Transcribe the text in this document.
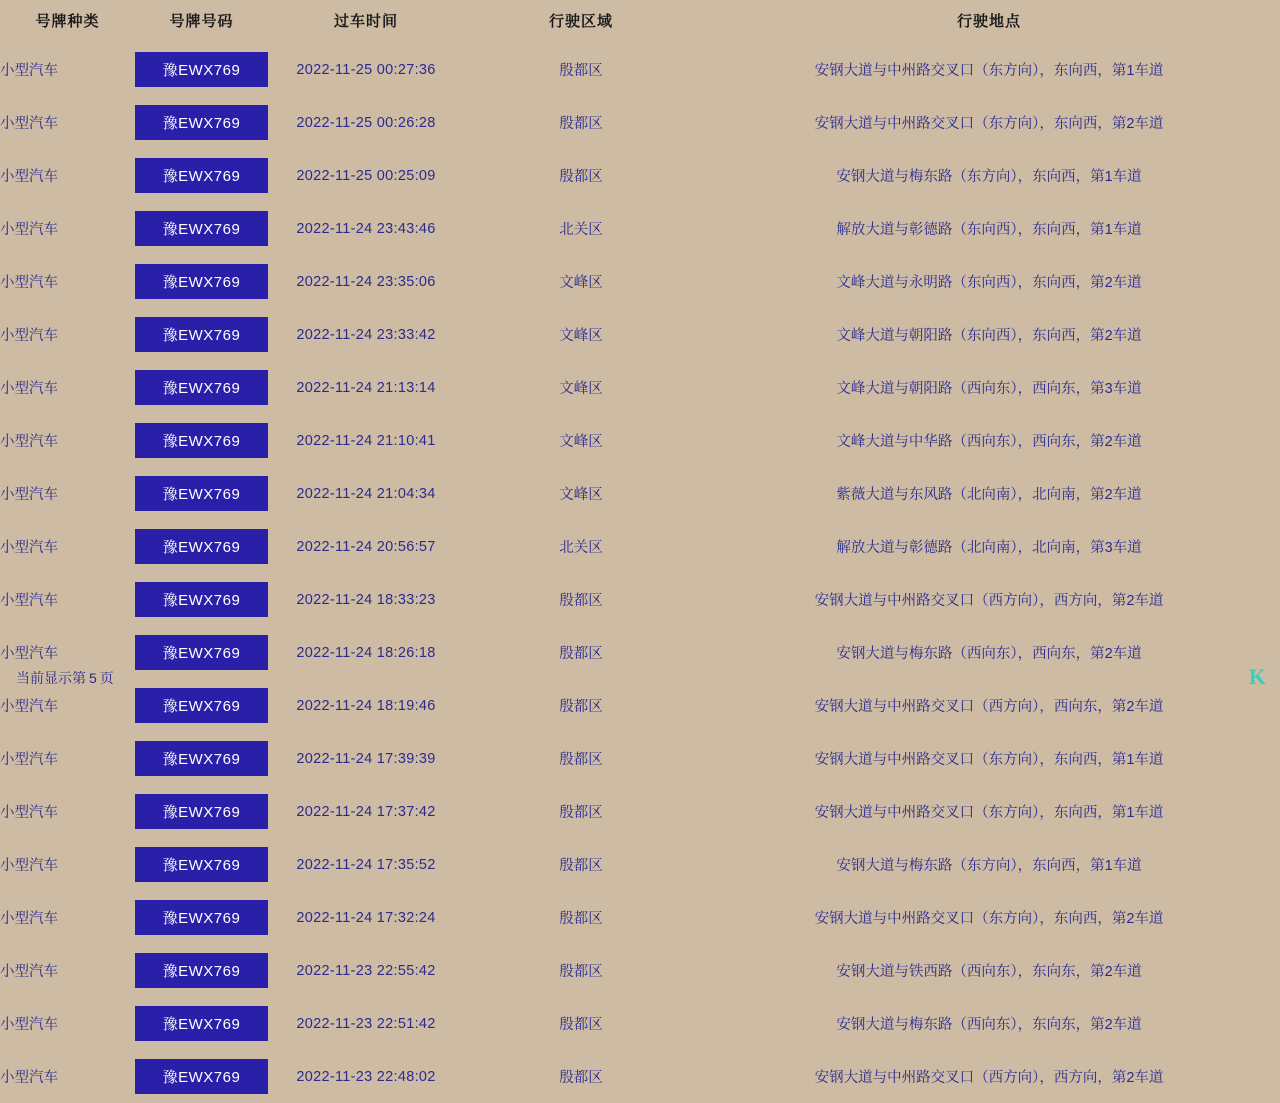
号牌种类	号牌号码	过车时间	行驶区域	行驶地点
小型汽车	豫EWX769	2022-11-25 00:27:36	殷都区	安钢大道与中州路交叉口（东方向），东向西，第1车道
小型汽车	豫EWX769	2022-11-25 00:26:28	殷都区	安钢大道与中州路交叉口（东方向），东向西，第2车道
小型汽车	豫EWX769	2022-11-25 00:25:09	殷都区	安钢大道与梅东路（东方向），东向西，第1车道
小型汽车	豫EWX769	2022-11-24 23:43:46	北关区	解放大道与彰德路（东向西），东向西，第1车道
小型汽车	豫EWX769	2022-11-24 23:35:06	文峰区	文峰大道与永明路（东向西），东向西，第2车道
小型汽车	豫EWX769	2022-11-24 23:33:42	文峰区	文峰大道与朝阳路（东向西），东向西，第2车道
小型汽车	豫EWX769	2022-11-24 21:13:14	文峰区	文峰大道与朝阳路（西向东），西向东，第3车道
小型汽车	豫EWX769	2022-11-24 21:10:41	文峰区	文峰大道与中华路（西向东），西向东，第2车道
小型汽车	豫EWX769	2022-11-24 21:04:34	文峰区	紫薇大道与东风路（北向南），北向南，第2车道
小型汽车	豫EWX769	2022-11-24 20:56:57	北关区	解放大道与彰德路（北向南），北向南，第3车道
小型汽车	豫EWX769	2022-11-24 18:33:23	殷都区	安钢大道与中州路交叉口（西方向），西方向，第2车道
小型汽车	豫EWX769	2022-11-24 18:26:18	殷都区	安钢大道与梅东路（西向东），西向东，第2车道
小型汽车	豫EWX769	2022-11-24 18:19:46	殷都区	安钢大道与中州路交叉口（西方向），西向东，第2车道
小型汽车	豫EWX769	2022-11-24 17:39:39	殷都区	安钢大道与中州路交叉口（东方向），东向西，第1车道
小型汽车	豫EWX769	2022-11-24 17:37:42	殷都区	安钢大道与中州路交叉口（东方向），东向西，第1车道
小型汽车	豫EWX769	2022-11-24 17:35:52	殷都区	安钢大道与梅东路（东方向），东向西，第1车道
小型汽车	豫EWX769	2022-11-24 17:32:24	殷都区	安钢大道与中州路交叉口（东方向），东向西，第2车道
小型汽车	豫EWX769	2022-11-23 22:55:42	殷都区	安钢大道与铁西路（西向东），东向东，第2车道
小型汽车	豫EWX769	2022-11-23 22:51:42	殷都区	安钢大道与梅东路（西向东），东向东，第2车道
小型汽车	豫EWX769	2022-11-23 22:48:02	殷都区	安钢大道与中州路交叉口（西方向），西方向，第2车道
当前显示第 5 页	K
